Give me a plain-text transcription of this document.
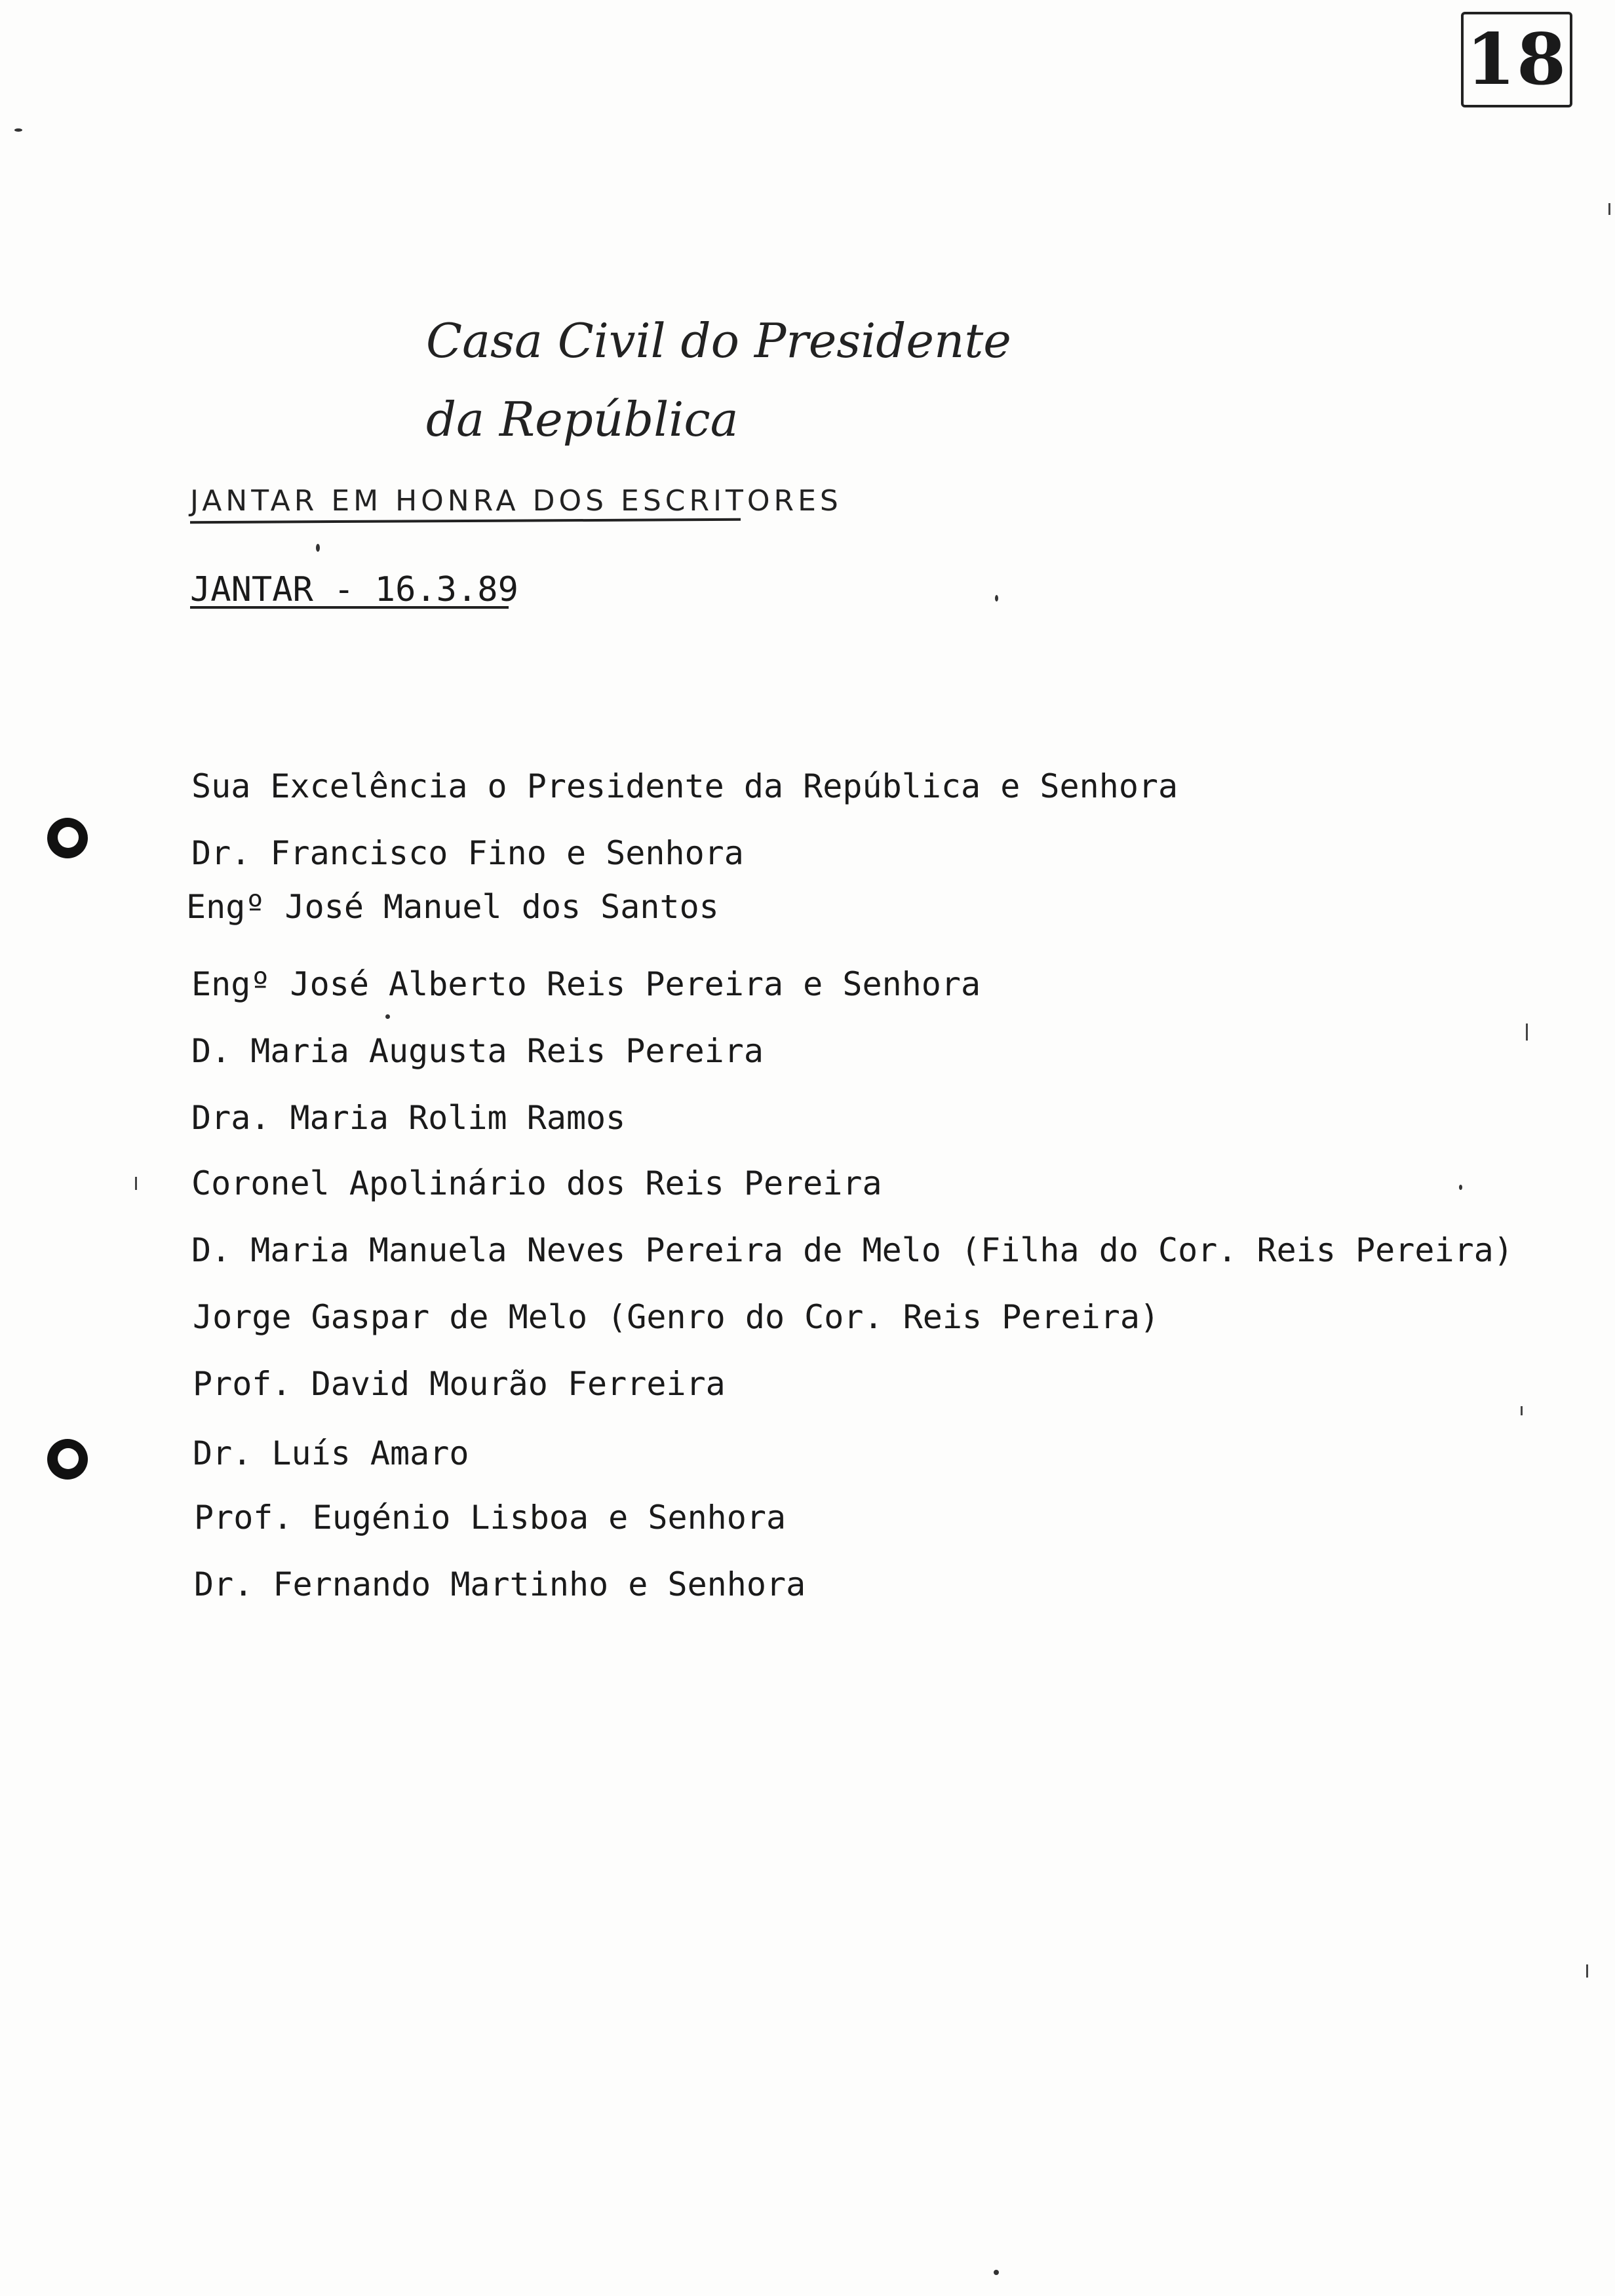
18
Casa Civil do Presidente da República
JANTAR EM HONRA DOS ESCRITORES
JANTAR - 16.3.89
Sua Excelência o Presidente da República e Senhora
Dr. Francisco Fino e Senhora
Engº José Manuel dos Santos
Engº José Alberto Reis Pereira e Senhora
D. Maria Augusta Reis Pereira
Dra. Maria Rolim Ramos
Coronel Apolinário dos Reis Pereira
D. Maria Manuela Neves Pereira de Melo (Filha do Cor. Reis Pereira)
Jorge Gaspar de Melo (Genro do Cor. Reis Pereira)
Prof. David Mourão Ferreira
Dr. Luís Amaro
Prof. Eugénio Lisboa e Senhora
Dr. Fernando Martinho e Senhora
